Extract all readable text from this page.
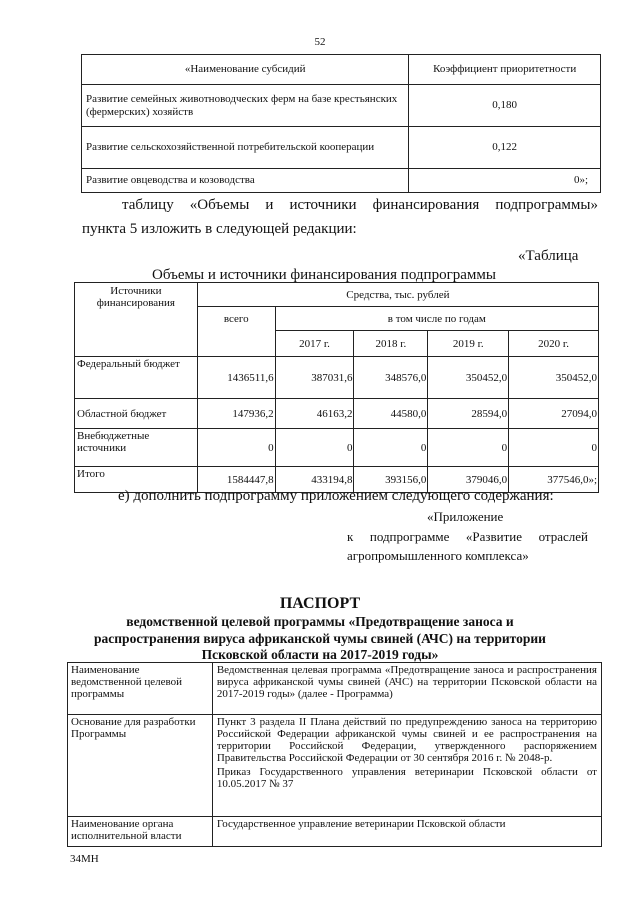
52
«Наименование субсидий	Коэффициент приоритетности
Развитие семейных животноводческих ферм на базе крестьянских (фермерских) хозяйств	0,180
Развитие сельскохозяйственной потребительской кооперации	0,122
Развитие овцеводства и козоводства	0»;
таблицу «Объемы и источники финансирования подпрограммы»
пункта 5 изложить в следующей редакции:
«Таблица
Объемы и источники финансирования подпрограммы
Источники финансирования	Средства, тыс. рублей				
	всего	в том числе по годам			
		2017 г.	2018 г.	2019 г.	2020 г.
Федеральный бюджет	1436511,6	387031,6	348576,0	350452,0	350452,0
Областной бюджет	147936,2	46163,2	44580,0	28594,0	27094,0
Внебюджетные источники	0	0	0	0	0
Итого	1584447,8	433194,8	393156,0	379046,0	377546,0»;
е) дополнить подпрограмму приложением следующего содержания:
«Приложение
к подпрограмме «Развитие отраслей
агропромышленного комплекса»
ПАСПОРТ
ведомственной целевой программы «Предотвращение заноса и
распространения вируса африканской чумы свиней (АЧС) на территории
Псковской области на 2017-2019 годы»
Наименование ведомственной целевой программы	Ведомственная целевая программа «Предотвращение заноса и распространения вируса африканской чумы свиней (АЧС) на территории Псковской области на 2017-2019 годы» (далее - Программа)
Основание для разработки Программы	Пункт 3 раздела II Плана действий по предупреждению заноса на территорию Российской Федерации африканской чумы свиней и ее распространения на территории Российской Федерации, утвержденного распоряжением Правительства Российской Федерации от 30 сентября 2016 г. № 2048-р.

Приказ Государственного управления ветеринарии Псковской области от 10.05.2017 № 37

Наименование органа исполнительной власти	Государственное управление ветеринарии Псковской области
34МН
